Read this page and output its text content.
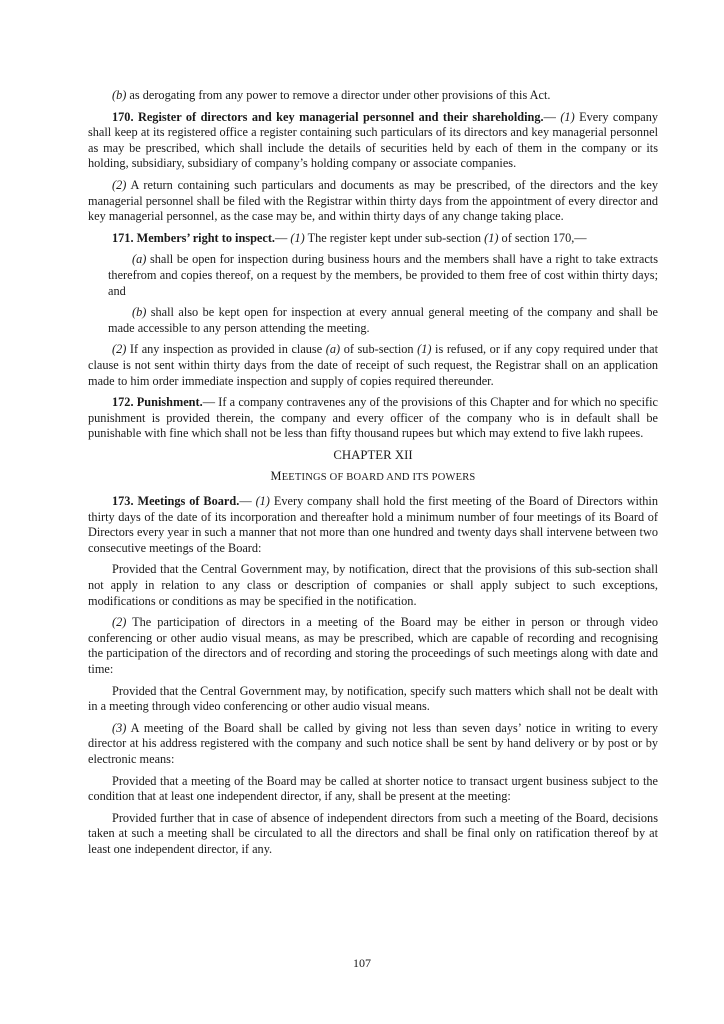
(b) as derogating from any power to remove a director under other provisions of this Act.

170. Register of directors and key managerial personnel and their shareholding.— (1) Every company shall keep at its registered office a register containing such particulars of its directors and key managerial personnel as may be prescribed, which shall include the details of securities held by each of them in the company or its holding, subsidiary, subsidiary of company’s holding company or associate companies.

(2) A return containing such particulars and documents as may be prescribed, of the directors and the key managerial personnel shall be filed with the Registrar within thirty days from the appointment of every director and key managerial personnel, as the case may be, and within thirty days of any change taking place.

171. Members’ right to inspect.— (1) The register kept under sub-section (1) of section 170,—

(a) shall be open for inspection during business hours and the members shall have a right to take extracts therefrom and copies thereof, on a request by the members, be provided to them free of cost within thirty days; and

(b) shall also be kept open for inspection at every annual general meeting of the company and shall be made accessible to any person attending the meeting.

(2) If any inspection as provided in clause (a) of sub-section (1) is refused, or if any copy required under that clause is not sent within thirty days from the date of receipt of such request, the Registrar shall on an application made to him order immediate inspection and supply of copies required thereunder.

172. Punishment.— If a company contravenes any of the provisions of this Chapter and for which no specific punishment is provided therein, the company and every officer of the company who is in default shall be punishable with fine which shall not be less than fifty thousand rupees but which may extend to five lakh rupees.

CHAPTER XII

MEETINGS OF BOARD AND ITS POWERS

173. Meetings of Board.— (1) Every company shall hold the first meeting of the Board of Directors within thirty days of the date of its incorporation and thereafter hold a minimum number of four meetings of its Board of Directors every year in such a manner that not more than one hundred and twenty days shall intervene between two consecutive meetings of the Board:

Provided that the Central Government may, by notification, direct that the provisions of this sub-section shall not apply in relation to any class or description of companies or shall apply subject to such exceptions, modifications or conditions as may be specified in the notification.

(2) The participation of directors in a meeting of the Board may be either in person or through video conferencing or other audio visual means, as may be prescribed, which are capable of recording and recognising the participation of the directors and of recording and storing the proceedings of such meetings along with date and time:

Provided that the Central Government may, by notification, specify such matters which shall not be dealt with in a meeting through video conferencing or other audio visual means.

(3) A meeting of the Board shall be called by giving not less than seven days’ notice in writing to every director at his address registered with the company and such notice shall be sent by hand delivery or by post or by electronic means:

Provided that a meeting of the Board may be called at shorter notice to transact urgent business subject to the condition that at least one independent director, if any, shall be present at the meeting:

Provided further that in case of absence of independent directors from such a meeting of the Board, decisions taken at such a meeting shall be circulated to all the directors and shall be final only on ratification thereof by at least one independent director, if any.

107
